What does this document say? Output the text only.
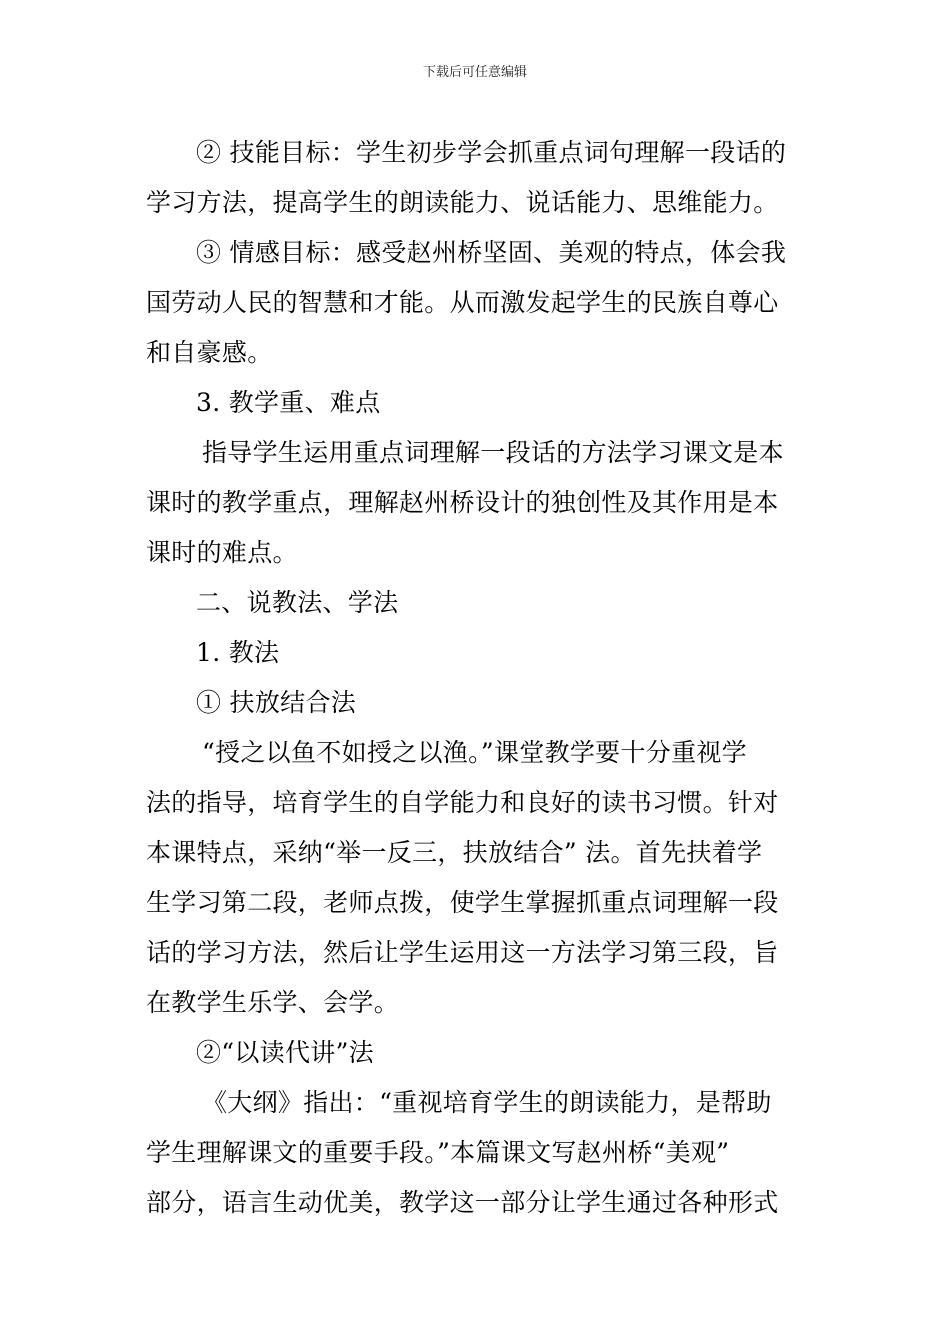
下载后可任意编辑
② 技能目标：学生初步学会抓重点词句理解一段话的
学习方法，提高学生的朗读能力、说话能力、思维能力。
③ 情感目标：感受赵州桥坚固、美观的特点，体会我
国劳动人民的智慧和才能。从而激发起学生的民族自尊心
和自豪感。
3. 教学重、难点
指导学生运用重点词理解一段话的方法学习课文是本
课时的教学重点，理解赵州桥设计的独创性及其作用是本
课时的难点。
二、说教法、学法
1. 教法
① 扶放结合法
“授之以鱼不如授之以渔。”课堂教学要十分重视学
法的指导，培育学生的自学能力和良好的读书习惯。针对
本课特点，采纳“举一反三，扶放结合” 法。首先扶着学
生学习第二段，老师点拨，使学生掌握抓重点词理解一段
话的学习方法，然后让学生运用这一方法学习第三段，旨
在教学生乐学、会学。
②“以读代讲”法
《大纲》指出：“重视培育学生的朗读能力，是帮助
学生理解课文的重要手段。”本篇课文写赵州桥“美观”
部分，语言生动优美，教学这一部分让学生通过各种形式
